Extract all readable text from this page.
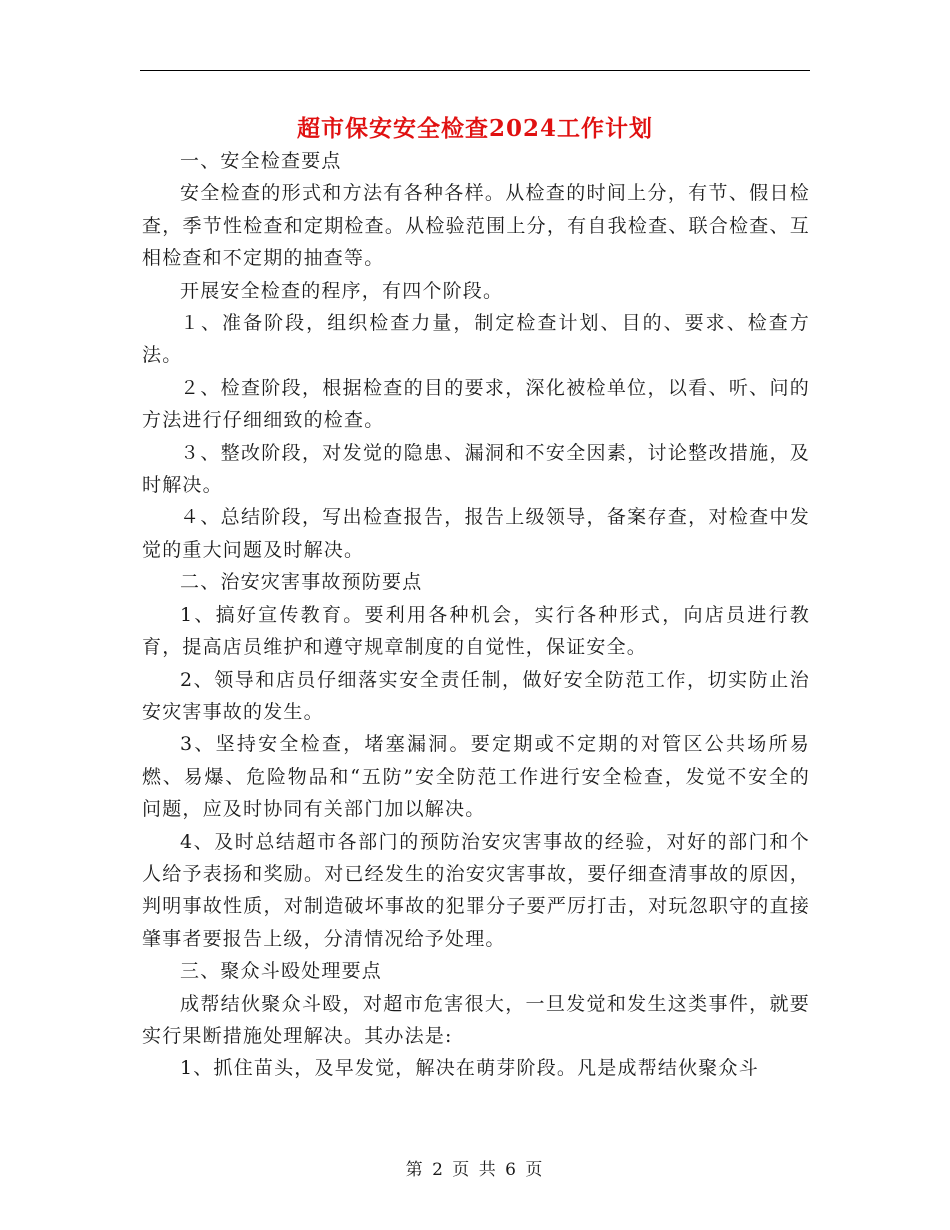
超市保安安全检查2024工作计划

一、安全检查要点

安全检查的形式和方法有各种各样。从检查的时间上分，有节、假日检查，季节性检查和定期检查。从检验范围上分，有自我检查、联合检查、互相检查和不定期的抽查等。

开展安全检查的程序，有四个阶段。

１、准备阶段，组织检查力量，制定检查计划、目的、要求、检查方法。

２、检查阶段，根据检查的目的要求，深化被检单位，以看、听、问的方法进行仔细细致的检查。

３、整改阶段，对发觉的隐患、漏洞和不安全因素，讨论整改措施，及时解决。

４、总结阶段，写出检查报告，报告上级领导，备案存查，对检查中发觉的重大问题及时解决。

二、治安灾害事故预防要点

1、搞好宣传教育。要利用各种机会，实行各种形式，向店员进行教育，提高店员维护和遵守规章制度的自觉性，保证安全。

2、领导和店员仔细落实安全责任制，做好安全防范工作，切实防止治安灾害事故的发生。

3、坚持安全检查，堵塞漏洞。要定期或不定期的对管区公共场所易燃、易爆、危险物品和“五防”安全防范工作进行安全检查，发觉不安全的问题，应及时协同有关部门加以解决。

4、及时总结超市各部门的预防治安灾害事故的经验，对好的部门和个人给予表扬和奖励。对已经发生的治安灾害事故，要仔细查清事故的原因，判明事故性质，对制造破坏事故的犯罪分子要严厉打击，对玩忽职守的直接肇事者要报告上级，分清情况给予处理。

三、聚众斗殴处理要点

成帮结伙聚众斗殴，对超市危害很大，一旦发觉和发生这类事件，就要实行果断措施处理解决。其办法是:

1、抓住苗头，及早发觉，解决在萌芽阶段。凡是成帮结伙聚众斗

第 2 页 共 6 页
